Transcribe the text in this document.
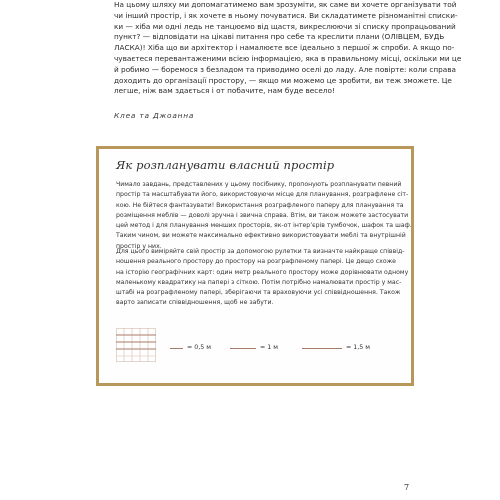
На цьому шляху ми допомагатимемо вам зрозуміти, як саме ви хочете організувати той
чи інший простір, і як хочете в ньому почуватися. Ви складатимете різноманітні списки-
ки — хіба ми одні ледь не танцюємо від щастя, викреслюючи зі списку пропрацьований
пункт? — відповідати на цікаві питання про себе та креслити плани (ОЛІВЦЕМ, БУДЬ
ЛАСКА)! Хіба що ви архітектор і намалюєте все ідеально з першої ж спроби. А якщо по-
чуваєтеся перевантаженими всією інформацією, яка в правильному місці, оскільки ми це
й робимо — боремося з безладом та приводимо оселі до ладу. Але повірте: коли справа
доходить до організації простору, — якщо ми можемо це зробити, ви теж зможете. Це
легше, ніж вам здається і от побачите, нам буде весело!
Клеа та Джоанна
Як розпланувати власний простір
Чимало завдань, представлених у цьому посібнику, пропонують розпланувати певний
простір та масштабувати його, використовуючи місце для планування, розграфлене сіт-
кою. Не бійтеся фантазувати! Використання розграфленого паперу для планування та
розміщення меблів — доволі зручна і звична справа. Втім, ви також можете застосувати
цей метод і для планування менших просторів, як-от інтер’єрів тумбочок, шафок та шаф.
Таким чином, ви можете максимально ефективно використовувати меблі та внутрішній
простір у них.
Для цього виміряйте свій простір за допомогою рулетки та визначте найкраще співвід-
ношення реального простору до простору на розграфленому папері. Це дещо схоже
на історію географічних карт: один метр реального простору може дорівнювати одному
маленькому квадратику на папері з сіткою. Потім потрібно намалювати простір у мас-
штабі на розграфленому папері, зберігаючи та враховуючи усі співвідношення. Також
варто записати співвідношення, щоб не забути.
= 0,5 м	= 1 м	= 1,5 м
7
